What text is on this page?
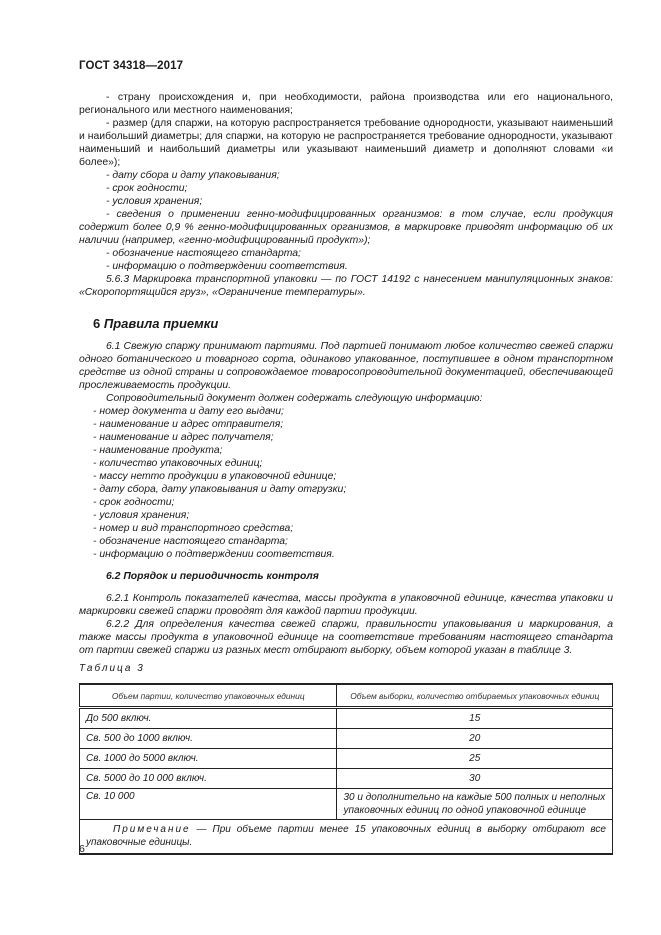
ГОСТ 34318—2017

- страну происхождения и, при необходимости, района производства или его национального, регионального или местного наименования;

- размер (для спаржи, на которую распространяется требование однородности, указывают наименьший и наибольший диаметры; для спаржи, на которую не распространяется требование однородности, указывают наименьший и наибольший диаметры или указывают наименьший диаметр и дополняют словами «и более»);

- дату сбора и дату упаковывания;

- срок годности;

- условия хранения;

- сведения о применении генно-модифицированных организмов: в том случае, если продукция содержит более 0,9 % генно-модифицированных организмов, в маркировке приводят информацию об их наличии (например, «генно-модифицированный продукт»);

- обозначение настоящего стандарта;

- информацию о подтверждении соответствия.

5.6.3 Маркировка транспортной упаковки — по ГОСТ 14192 с нанесением манипуляционных знаков: «Скоропортящийся груз», «Ограничение температуры».

6 Правила приемки

6.1 Свежую спаржу принимают партиями. Под партией понимают любое количество свежей спаржи одного ботанического и товарного сорта, одинаково упакованное, поступившее в одном транспортном средстве из одной страны и сопровождаемое товаросопроводительной документацией, обеспечивающей прослеживаемость продукции.

Сопроводительный документ должен содержать следующую информацию:

- номер документа и дату его выдачи;

- наименование и адрес отправителя;

- наименование и адрес получателя;

- наименование продукта;

- количество упаковочных единиц;

- массу нетто продукции в упаковочной единице;

- дату сбора, дату упаковывания и дату отгрузки;

- срок годности;

- условия хранения;

- номер и вид транспортного средства;

- обозначение настоящего стандарта;

- информацию о подтверждении соответствия.

6.2 Порядок и периодичность контроля

6.2.1 Контроль показателей качества, массы продукта в упаковочной единице, качества упаковки и маркировки свежей спаржи проводят для каждой партии продукции.

6.2.2 Для определения качества свежей спаржи, правильности упаковывания и маркирования, а также массы продукта в упаковочной единице на соответствие требованиям настоящего стандарта от партии свежей спаржи из разных мест отбирают выборку, объем которой указан в таблице 3.

Таблица 3
Объем партии, количество упаковочных единиц	Объем выборки, количество отбираемых упаковочных единиц
До 500 включ.	15
Св. 500 до 1000 включ.	20
Св. 1000 до 5000 включ.	25
Св. 5000 до 10 000 включ.	30
Св. 10 000	30 и дополнительно на каждые 500 полных и неполных упаковочных единиц по одной упаковочной единице
Примечание — При объеме партии менее 15 упаковочных единиц в выборку отбирают все упаковочные единицы.	
6
